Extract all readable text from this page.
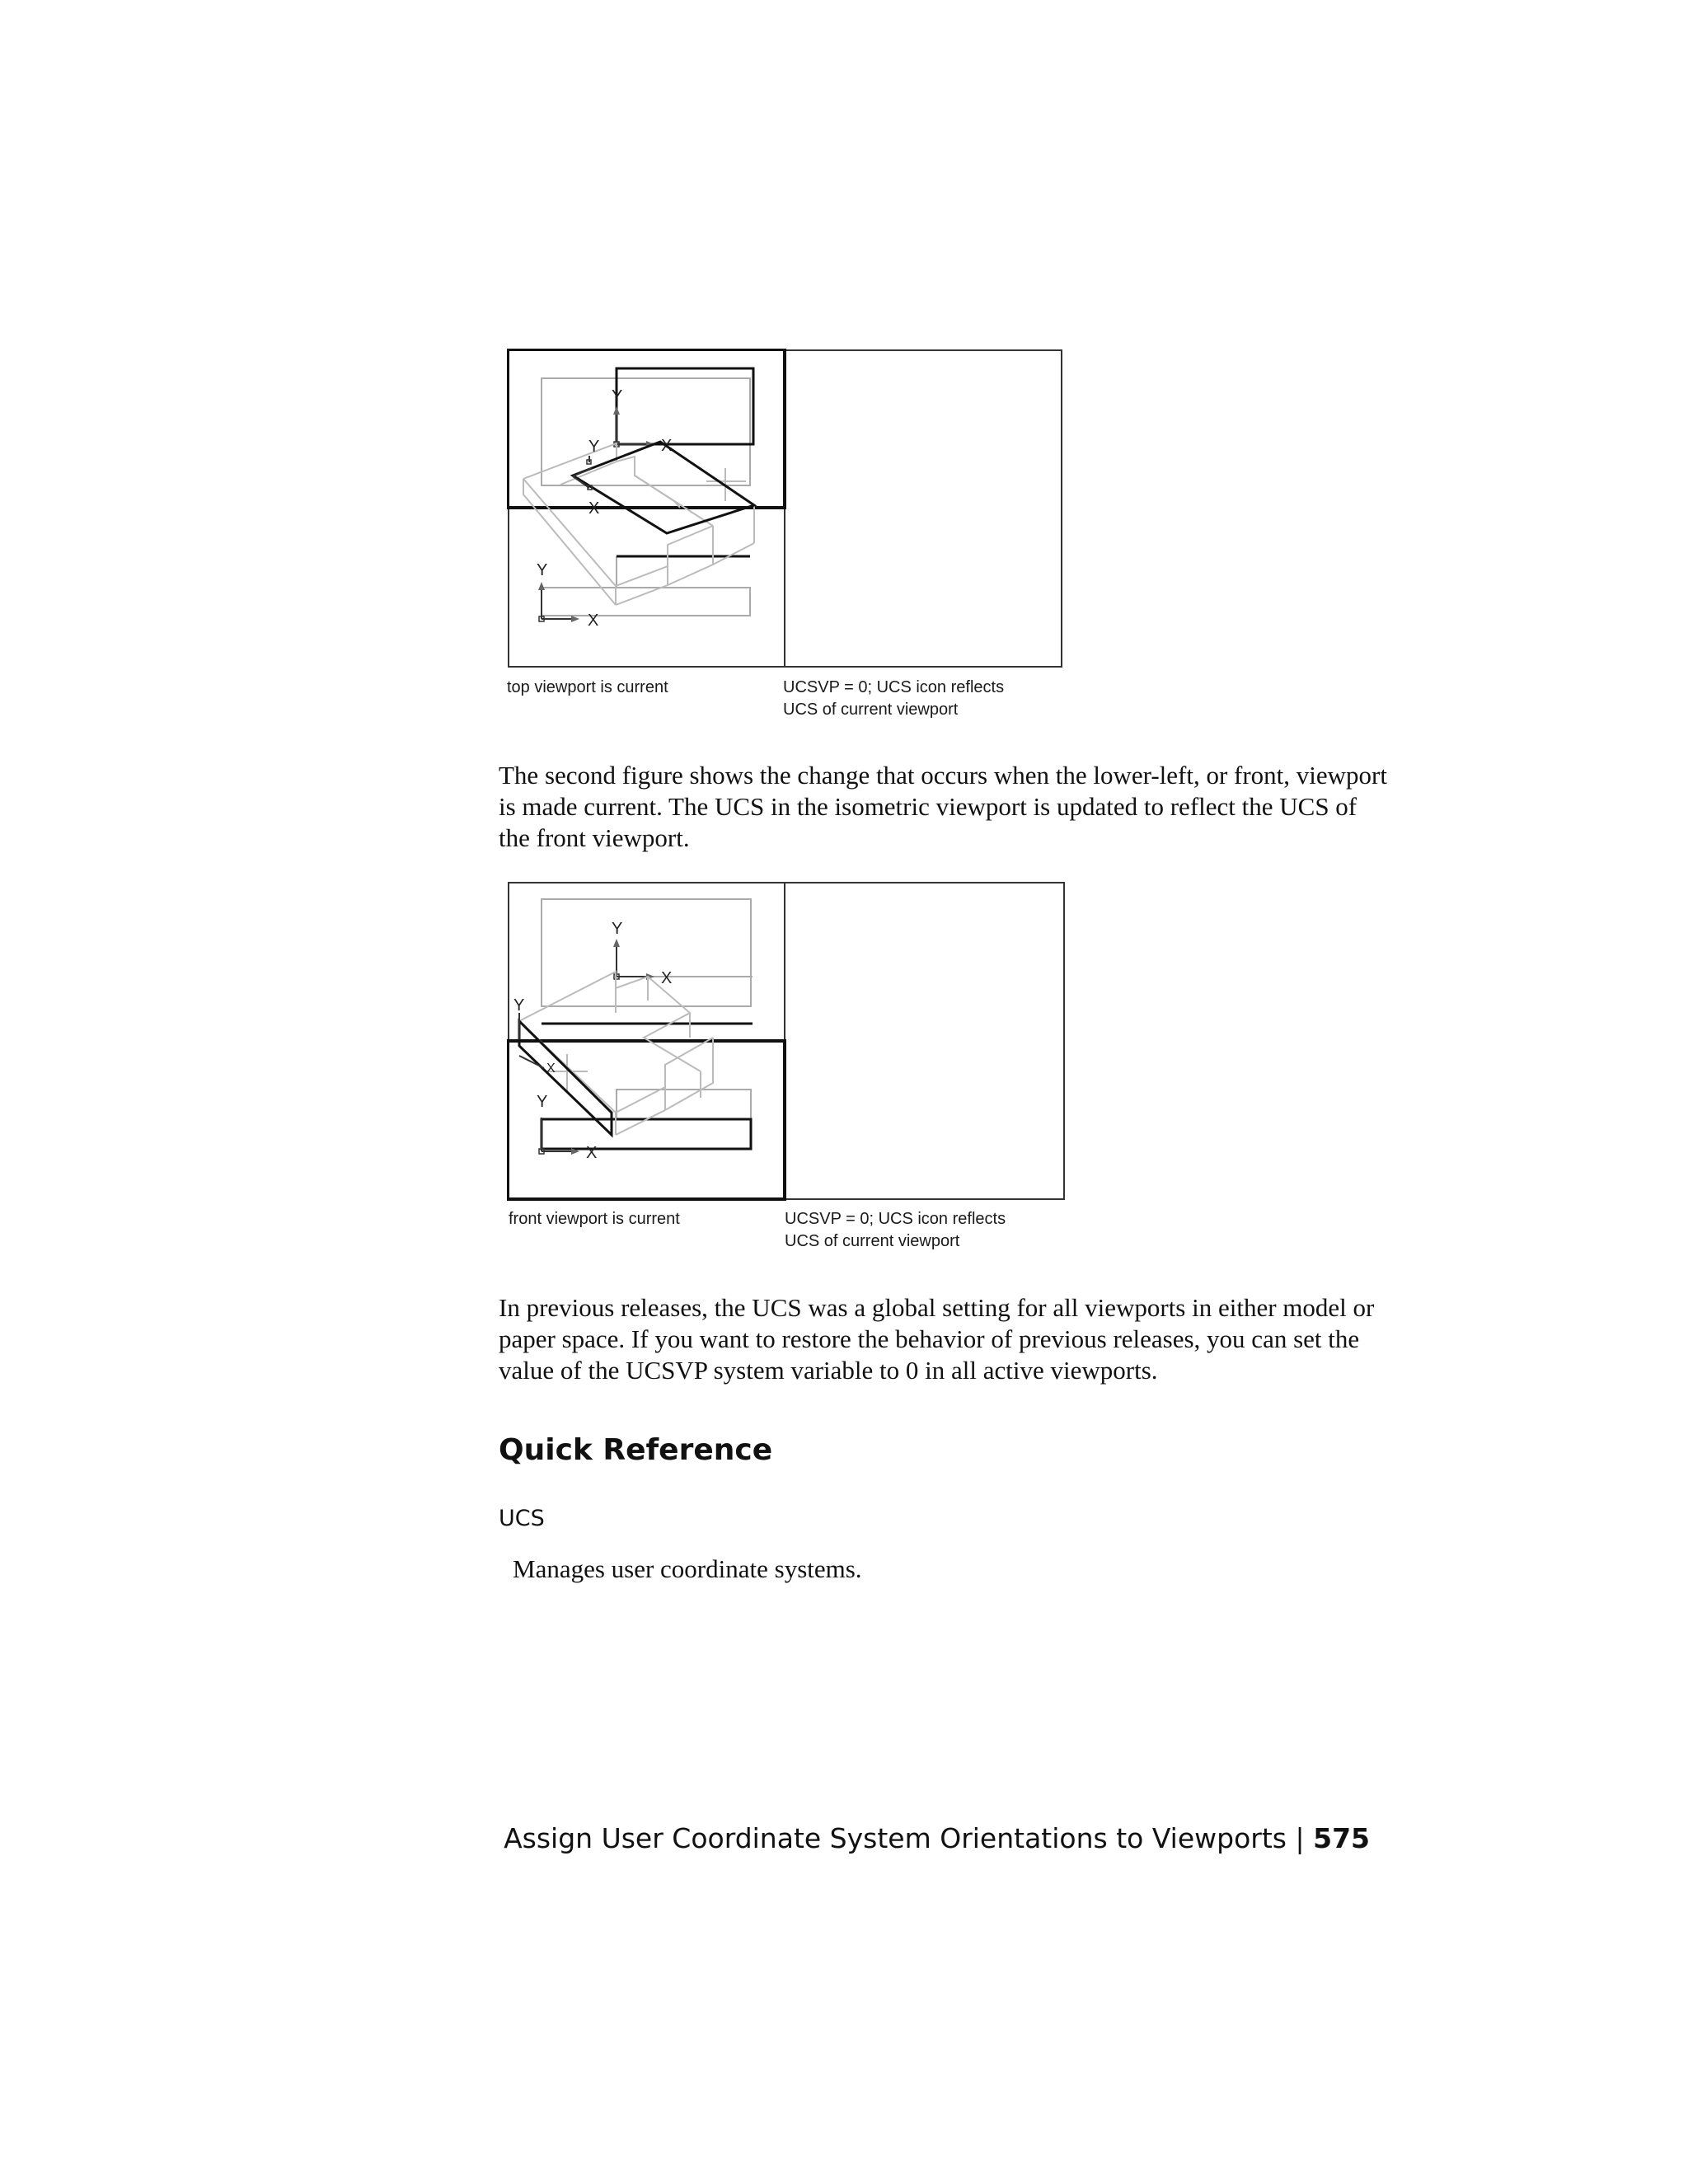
Y
X
Y
X
Y
X
top viewport is current	UCSVP = 0; UCS icon reflects
UCS of current viewport

The second figure shows the change that occurs when the lower-left, or front, viewport is made current. The UCS in the isometric viewport is updated to reflect the UCS of the front viewport.

Y
X
Y
X
Y
X
front viewport is current	UCSVP = 0; UCS icon reflects
UCS of current viewport

In previous releases, the UCS was a global setting for all viewports in either model or paper space. If you want to restore the behavior of previous releases, you can set the value of the UCSVP system variable to 0 in all active viewports.

Quick Reference
UCS
Manages user coordinate systems.
Assign User Coordinate System Orientations to Viewports | 575
